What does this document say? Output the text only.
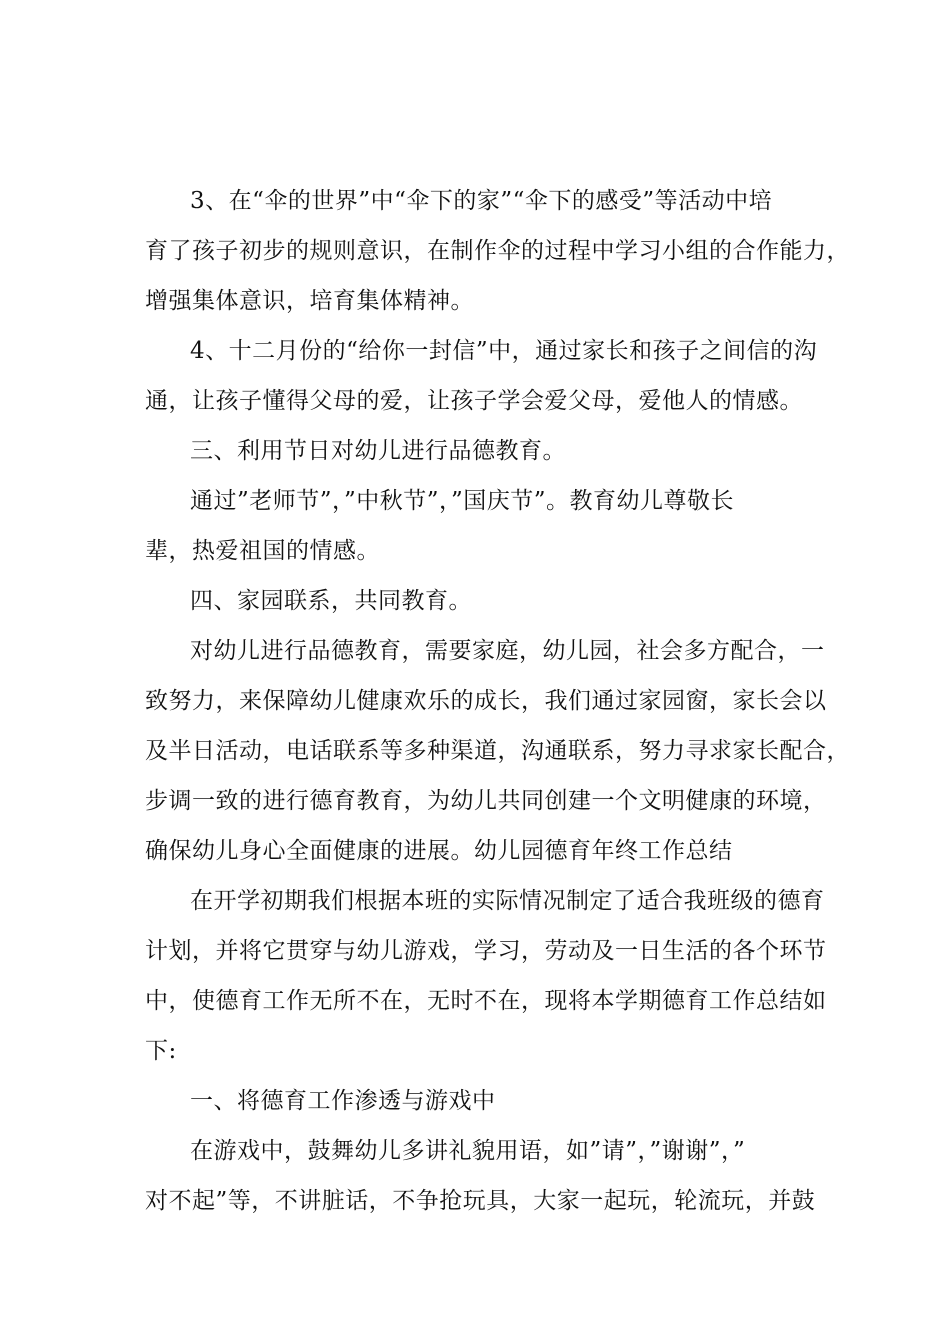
3、在“伞的世界”中“伞下的家”“伞下的感受”等活动中培

育了孩子初步的规则意识，在制作伞的过程中学习小组的合作能力，

增强集体意识，培育集体精神。

4、十二月份的“给你一封信”中，通过家长和孩子之间信的沟

通，让孩子懂得父母的爱，让孩子学会爱父母，爱他人的情感。

三、利用节日对幼儿进行品德教育。

通过”老师节”，”中秋节”，”国庆节”。教育幼儿尊敬长

辈，热爱祖国的情感。

四、家园联系，共同教育。

对幼儿进行品德教育，需要家庭，幼儿园，社会多方配合，一

致努力，来保障幼儿健康欢乐的成长，我们通过家园窗，家长会以

及半日活动，电话联系等多种渠道，沟通联系，努力寻求家长配合，

步调一致的进行德育教育，为幼儿共同创建一个文明健康的环境，

确保幼儿身心全面健康的进展。幼儿园德育年终工作总结

在开学初期我们根据本班的实际情况制定了适合我班级的德育

计划，并将它贯穿与幼儿游戏，学习，劳动及一日生活的各个环节

中，使德育工作无所不在，无时不在，现将本学期德育工作总结如

下:

一、将德育工作渗透与游戏中

在游戏中，鼓舞幼儿多讲礼貌用语，如”请”，”谢谢”，”

对不起”等，不讲脏话，不争抢玩具，大家一起玩，轮流玩，并鼓
